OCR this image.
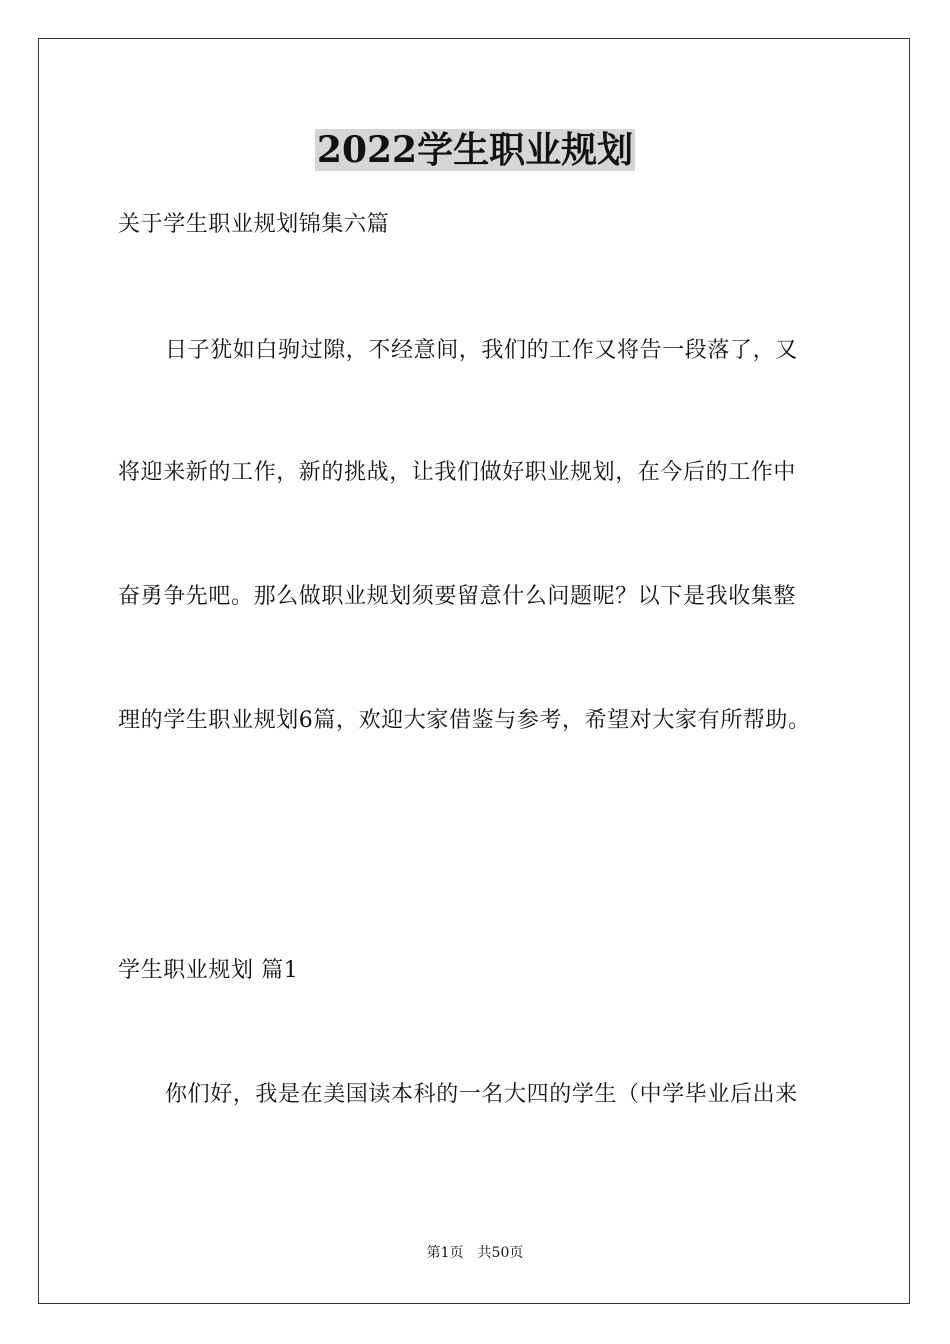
2022学生职业规划
关于学生职业规划锦集六篇
日子犹如白驹过隙，不经意间，我们的工作又将告一段落了，又
将迎来新的工作，新的挑战，让我们做好职业规划，在今后的工作中
奋勇争先吧。那么做职业规划须要留意什么问题呢？以下是我收集整
理的学生职业规划6篇，欢迎大家借鉴与参考，希望对大家有所帮助。
学生职业规划 篇1
你们好，我是在美国读本科的一名大四的学生（中学毕业后出来
第1页　共50页
